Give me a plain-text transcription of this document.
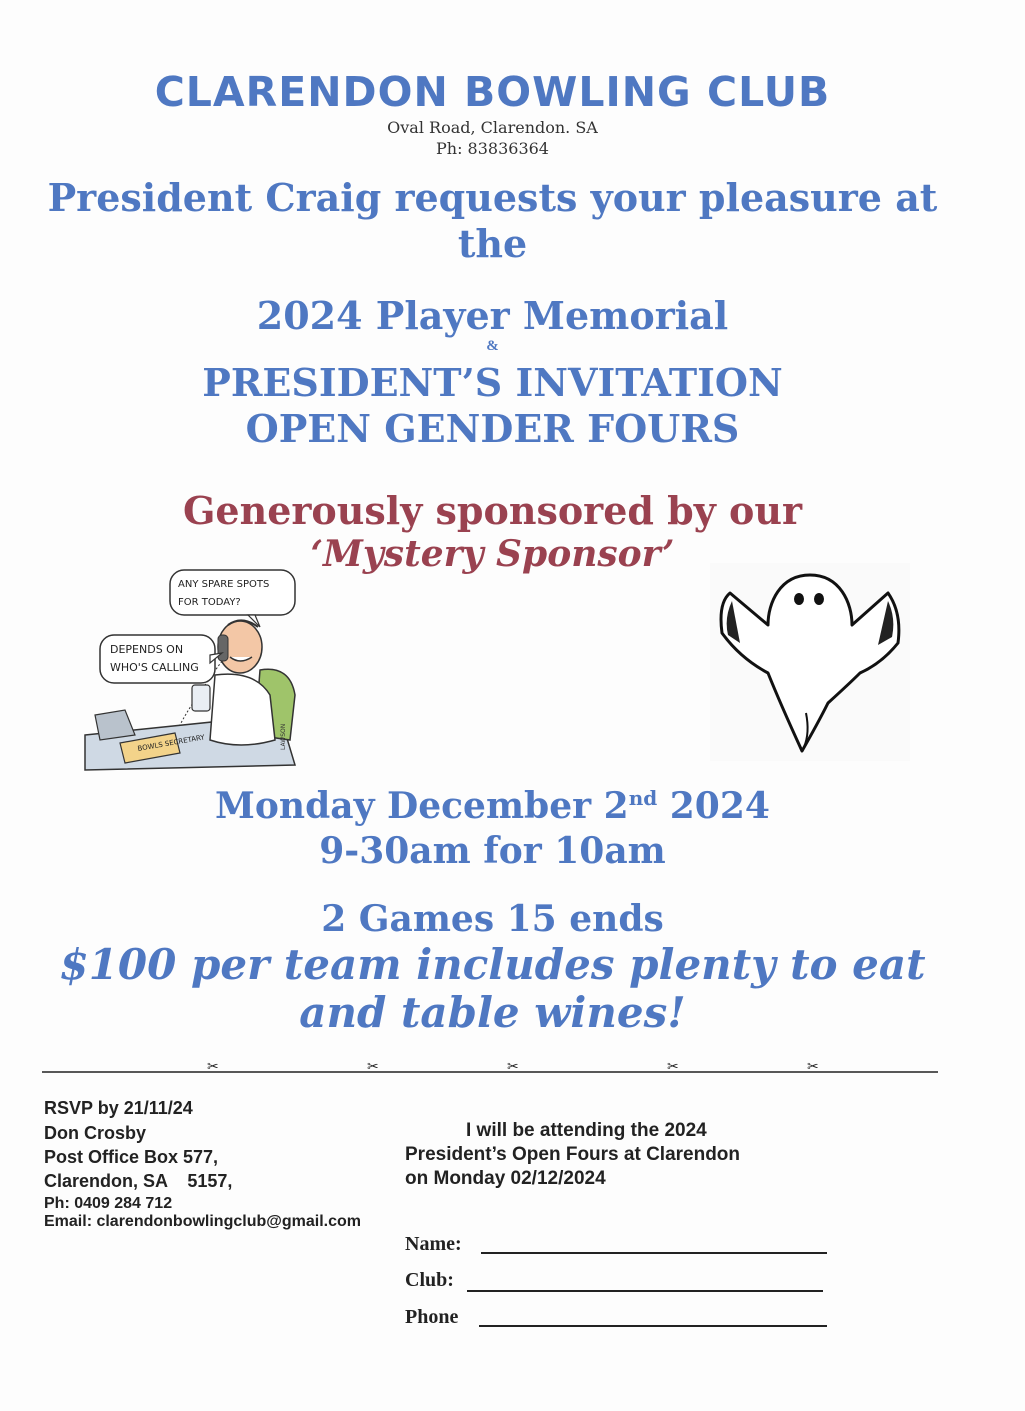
CLARENDON BOWLING CLUB
Oval Road, Clarendon. SA
Ph: 83836364
President Craig requests your pleasure at the
2024 Player Memorial
&
PRESIDENT’S INVITATION
OPEN GENDER FOURS
Generously sponsored by our
‘Mystery Sponsor’
BOWLS SECRETARY
ANY SPARE SPOTS
FOR TODAY?
DEPENDS ON
WHO'S CALLING
LAWSON
Monday December 2nd 2024
9-30am for 10am
2 Games 15 ends
$100 per team includes plenty to eat
and table wines!
✂	✂	✂	✂	✂
RSVP by 21/11/24
Don Crosby
Post Office Box 577,
Clarendon, SA    5157,
Ph: 0409 284 712
Email: clarendonbowlingclub@gmail.com
I will be attending the 2024
President’s Open Fours at Clarendon
on Monday 02/12/2024
Name:
Club:
Phone
